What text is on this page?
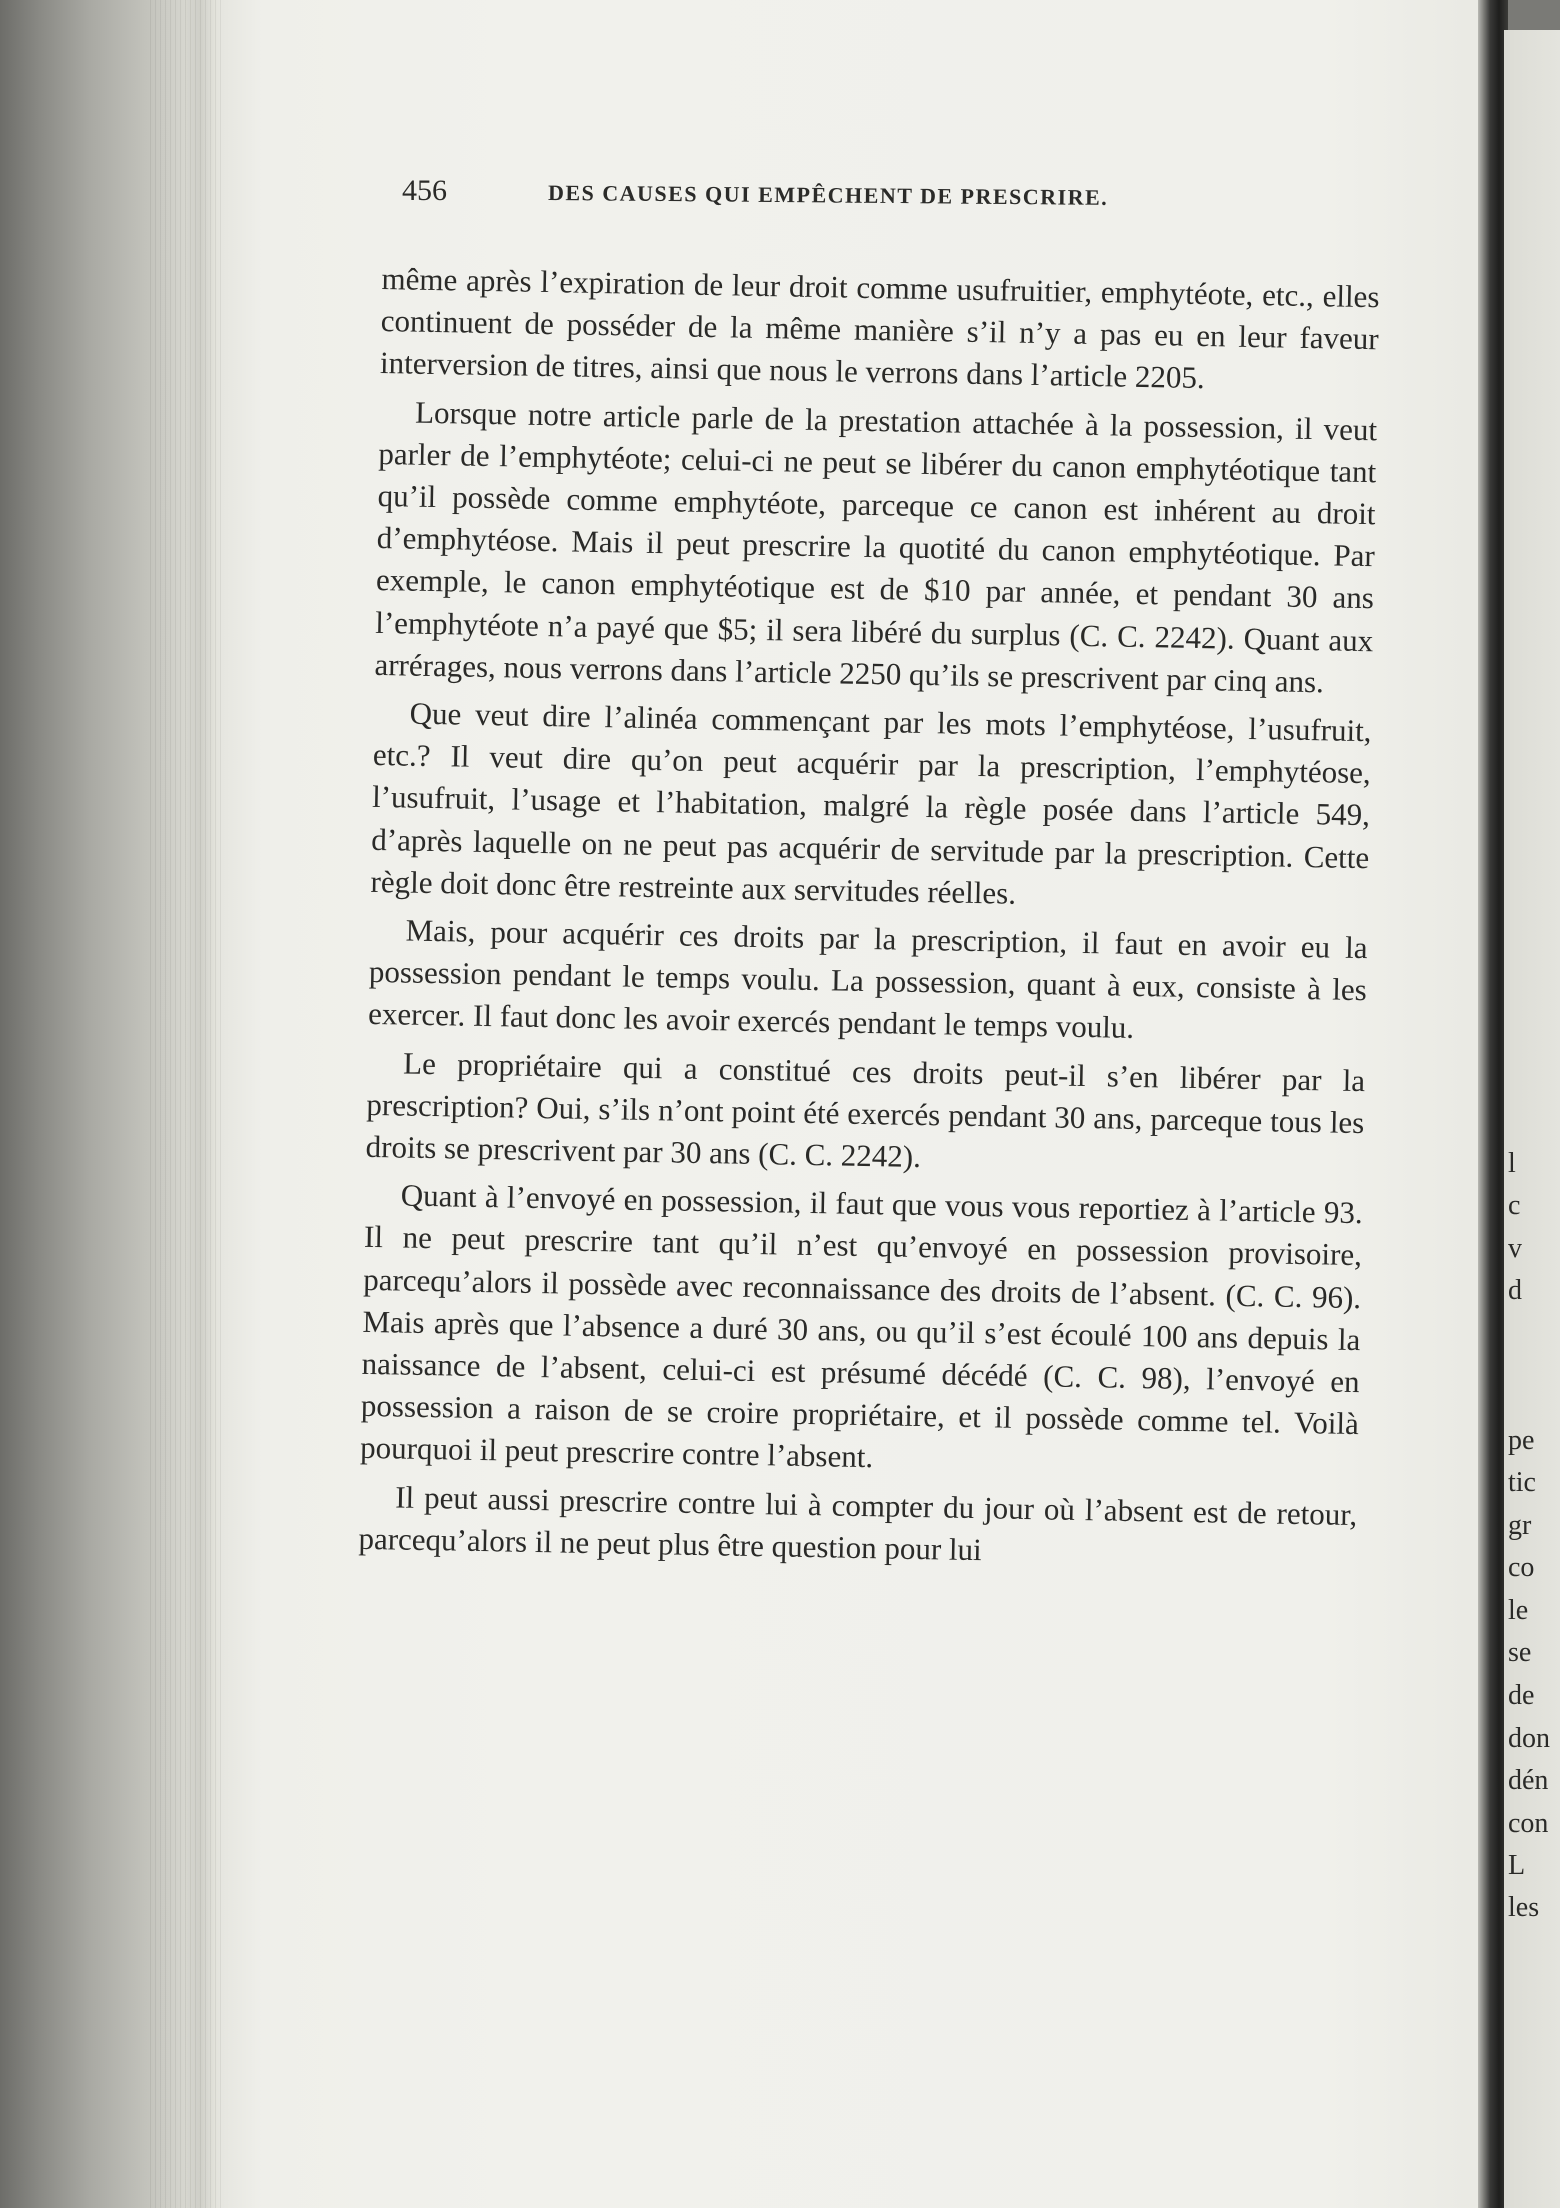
456	DES CAUSES QUI EMPÊCHENT DE PRESCRIRE.

même après l’expiration de leur droit comme usufruitier, emphytéote, etc., elles continuent de posséder de la même manière s’il n’y a pas eu en leur faveur interversion de titres, ainsi que nous le verrons dans l’article 2205.

Lorsque notre article parle de la prestation attachée à la possession, il veut parler de l’emphytéote; celui-ci ne peut se libérer du canon emphytéotique tant qu’il possède comme emphytéote, parceque ce canon est inhérent au droit d’emphytéose. Mais il peut prescrire la quotité du canon emphytéotique. Par exemple, le canon emphytéotique est de $10 par année, et pendant 30 ans l’emphytéote n’a payé que $5; il sera libéré du surplus (C. C. 2242). Quant aux arrérages, nous verrons dans l’article 2250 qu’ils se prescrivent par cinq ans.

Que veut dire l’alinéa commençant par les mots l’emphytéose, l’usufruit, etc.? Il veut dire qu’on peut acquérir par la prescription, l’emphytéose, l’usufruit, l’usage et l’habitation, malgré la règle posée dans l’article 549, d’après laquelle on ne peut pas acquérir de servitude par la prescription. Cette règle doit donc être restreinte aux servitudes réelles.

Mais, pour acquérir ces droits par la prescription, il faut en avoir eu la possession pendant le temps voulu. La possession, quant à eux, consiste à les exercer. Il faut donc les avoir exercés pendant le temps voulu.

Le propriétaire qui a constitué ces droits peut-il s’en libérer par la prescription? Oui, s’ils n’ont point été exercés pendant 30 ans, parceque tous les droits se prescrivent par 30 ans (C. C. 2242).

Quant à l’envoyé en possession, il faut que vous vous reportiez à l’article 93. Il ne peut prescrire tant qu’il n’est qu’envoyé en possession provisoire, parcequ’alors il possède avec reconnaissance des droits de l’absent. (C. C. 96). Mais après que l’absence a duré 30 ans, ou qu’il s’est écoulé 100 ans depuis la naissance de l’absent, celui-ci est présumé décédé (C. C. 98), l’envoyé en possession a raison de se croire propriétaire, et il possède comme tel. Voilà pourquoi il peut prescrire contre l’absent.

Il peut aussi prescrire contre lui à compter du jour où l’absent est de retour, parcequ’alors il ne peut plus être question pour lui

l
c
v
d
pe
tic
gr
co
le
se
de
don
dén
con
L
les
